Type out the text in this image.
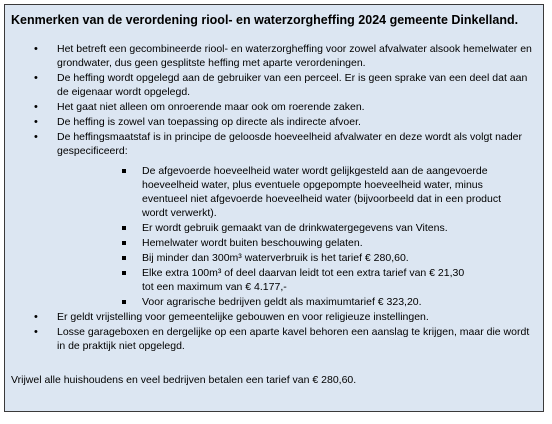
Kenmerken van de verordening riool- en waterzorgheffing 2024 gemeente Dinkelland.
• Het betreft een gecombineerde riool- en waterzorgheffing voor zowel afvalwater alsook hemelwater en grondwater, dus geen gesplitste heffing met aparte verordeningen.
• De heffing wordt opgelegd aan de gebruiker van een perceel. Er is geen sprake van een deel dat aan de eigenaar wordt opgelegd.
• Het gaat niet alleen om onroerende maar ook om roerende zaken.
• De heffing is zowel van toepassing op directe als indirecte afvoer.
• De heffingsmaatstaf is in principe de geloosde hoeveelheid afvalwater en deze wordt als volgt nader gespecificeerd:
De afgevoerde hoeveelheid water wordt gelijkgesteld aan de aangevoerde hoeveelheid water, plus eventuele opgepompte hoeveelheid water, minus eventueel niet afgevoerde hoeveelheid water (bijvoorbeeld dat in een product wordt verwerkt).
Er wordt gebruik gemaakt van de drinkwatergegevens van Vitens.
Hemelwater wordt buiten beschouwing gelaten.
Bij minder dan 300m³ waterverbruik is het tarief € 280,60.
Elke extra 100m³ of deel daarvan leidt tot een extra tarief van € 21,30
tot een maximum van € 4.177,-
Voor agrarische bedrijven geldt als maximumtarief € 323,20.
• Er geldt vrijstelling voor gemeentelijke gebouwen en voor religieuze instellingen.
• Losse garageboxen en dergelijke op een aparte kavel behoren een aanslag te krijgen, maar die wordt in de praktijk niet opgelegd.
Vrijwel alle huishoudens en veel bedrijven betalen een tarief van € 280,60.
